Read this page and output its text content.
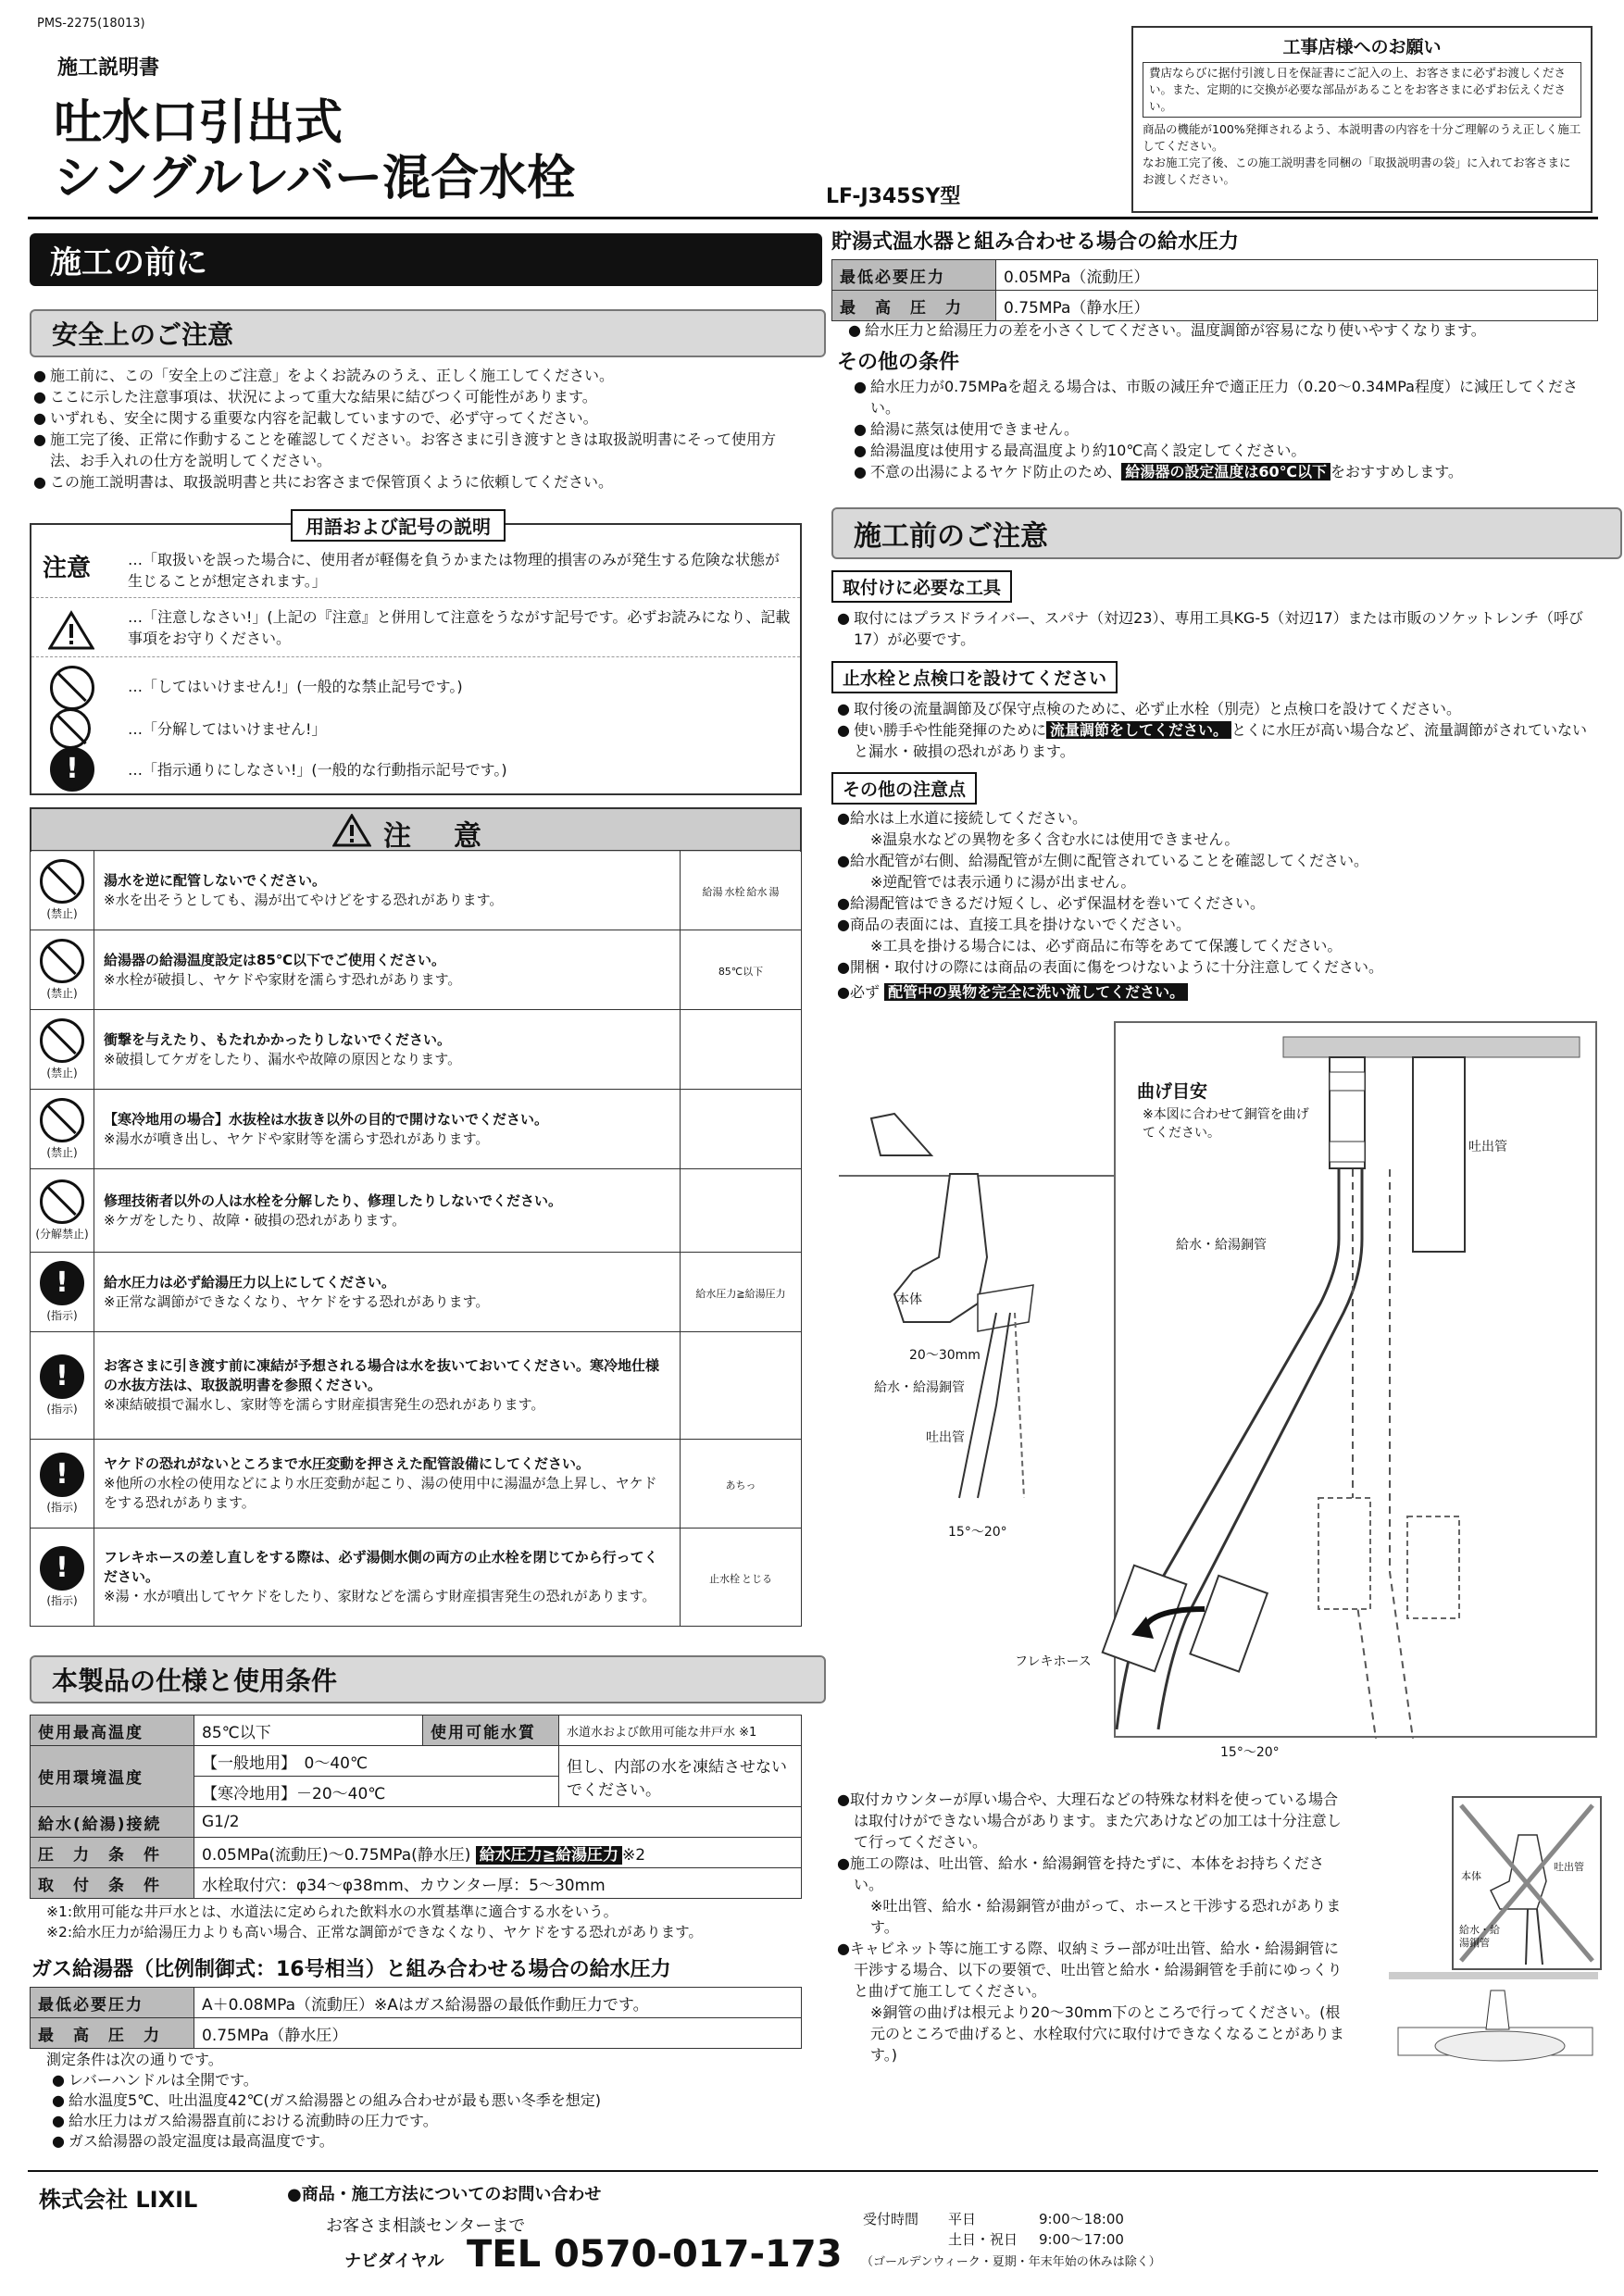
PMS-2275(18013)
施工説明書
吐水口引出式
シングルレバー混合水栓	LF-J345SY型
工事店様へのお願い
費店ならびに据付引渡し日を保証書にご記入の上、お客さまに必ずお渡しください。また、定期的に交換が必要な部品があることをお客さまに必ずお伝えください。
商品の機能が100%発揮されるよう、本説明書の内容を十分ご理解のうえ正しく施工してください。
なお施工完了後、この施工説明書を同梱の「取扱説明書の袋」に入れてお客さまにお渡しください。
施工の前に
安全上のご注意
● 施工前に、この「安全上のご注意」をよくお読みのうえ、正しく施工してください。
● ここに示した注意事項は、状況によって重大な結果に結びつく可能性があります。
● いずれも、安全に関する重要な内容を記載していますので、必ず守ってください。
● 施工完了後、正常に作動することを確認してください。お客さまに引き渡すときは取扱説明書にそって使用方法、お手入れの仕方を説明してください。
● この施工説明書は、取扱説明書と共にお客さまで保管頂くように依頼してください。
用語および記号の説明
注意 …「取扱いを誤った場合に、使用者が軽傷を負うかまたは物理的損害のみが発生する危険な状態が生じることが想定されます。」
…「注意しなさい!」(上記の『注意』と併用して注意をうながす記号です。必ずお読みになり、記載事項をお守りください。
…「してはいけません!」(一般的な禁止記号です。)
…「分解してはいけません!」
!
…「指示通りにしなさい!」(一般的な行動指示記号です。)
注　意
(禁止)	湯水を逆に配管しないでください。
※水を出そうとしても、湯が出てやけどをする恐れがあります。	給湯 水栓 給水 湯

(禁止)	給湯器の給湯温度設定は85℃以下でご使用ください。
※水栓が破損し、ヤケドや家財を濡らす恐れがあります。	85℃以下

(禁止)	衝撃を与えたり、もたれかかったりしないでください。
※破損してケガをしたり、漏水や故障の原因となります。	

(禁止)	【寒冷地用の場合】水抜栓は水抜き以外の目的で開けないでください。
※湯水が噴き出し、ヤケドや家財等を濡らす恐れがあります。	

(分解禁止)	修理技術者以外の人は水栓を分解したり、修理したりしないでください。
※ケガをしたり、故障・破損の恐れがあります。	

!
(指示)	給水圧力は必ず給湯圧力以上にしてください。
※正常な調節ができなくなり、ヤケドをする恐れがあります。	給水圧力≧給湯圧力

!
(指示)	お客さまに引き渡す前に凍結が予想される場合は水を抜いておいてください。寒冷地仕様の水抜方法は、取扱説明書を参照ください。
※凍結破損で漏水し、家財等を濡らす財産損害発生の恐れがあります。	

!
(指示)	ヤケドの恐れがないところまで水圧変動を押さえた配管設備にしてください。
※他所の水栓の使用などにより水圧変動が起こり、湯の使用中に湯温が急上昇し、ヤケドをする恐れがあります。	あちっ

!
(指示)	フレキホースの差し直しをする際は、必ず湯側水側の両方の止水栓を閉じてから行ってください。
※湯・水が噴出してヤケドをしたり、家財などを濡らす財産損害発生の恐れがあります。	止水栓 とじる
本製品の仕様と使用条件
使用最高温度	85℃以下	使用可能水質	水道水および飲用可能な井戸水 ※1
使用環境温度	【一般地用】　0～40℃		但し、内部の水を凍結させないでください。
	【寒冷地用】－20～40℃		
給水(給湯)接続	G1/2		
圧　力　条　件	0.05MPa(流動圧)～0.75MPa(静水圧) 給水圧力≧給湯圧力 ※2		
取　付　条　件	水栓取付穴：φ34～φ38mm、カウンター厚：5～30mm		
※1:飲用可能な井戸水とは、水道法に定められた飲料水の水質基準に適合する水をいう。
※2:給水圧力が給湯圧力よりも高い場合、正常な調節ができなくなり、ヤケドをする恐れがあります。
ガス給湯器（比例制御式：16号相当）と組み合わせる場合の給水圧力
最低必要圧力	A＋0.08MPa（流動圧）※Aはガス給湯器の最低作動圧力です。
最　高　圧　力	0.75MPa（静水圧）
測定条件は次の通りです。
● レバーハンドルは全開です。
● 給水温度5℃、吐出温度42℃(ガス給湯器との組み合わせが最も悪い冬季を想定)
● 給水圧力はガス給湯器直前における流動時の圧力です。
● ガス給湯器の設定温度は最高温度です。
貯湯式温水器と組み合わせる場合の給水圧力
最低必要圧力	0.05MPa（流動圧）
最　高　圧　力	0.75MPa（静水圧）
● 給水圧力と給湯圧力の差を小さくしてください。温度調節が容易になり使いやすくなります。
その他の条件
● 給水圧力が0.75MPaを超える場合は、市販の減圧弁で適正圧力（0.20～0.34MPa程度）に減圧してください。
● 給湯に蒸気は使用できません。
● 給湯温度は使用する最高温度より約10℃高く設定してください。
● 不意の出湯によるヤケド防止のため、 給湯器の設定温度は60℃以下 をおすすめします。
施工前のご注意
取付けに必要な工具
● 取付にはプラスドライバー、スパナ（対辺23）、専用工具KG-5（対辺17）または市販のソケットレンチ（呼び17）が必要です。
止水栓と点検口を設けてください
● 取付後の流量調節及び保守点検のために、必ず止水栓（別売）と点検口を設けてください。
● 使い勝手や性能発揮のために 流量調節をしてください。 とくに水圧が高い場合など、流量調節がされていないと漏水・破損の恐れがあります。
その他の注意点
●給水は上水道に接続してください。
※温泉水などの異物を多く含む水には使用できません。
●給水配管が右側、給湯配管が左側に配管されていることを確認してください。
※逆配管では表示通りに湯が出ません。
●給湯配管はできるだけ短くし、必ず保温材を巻いてください。
●商品の表面には、直接工具を掛けないでください。
※工具を掛ける場合には、必ず商品に布等をあてて保護してください。
●開梱・取付けの際には商品の表面に傷をつけないように十分注意してください。
●必ず 配管中の異物を完全に洗い流してください。
曲げ目安
※本図に合わせて銅管を曲げてください。
吐出管
給水・給湯銅管
本体
20～30mm
給水・給湯銅管
吐出管
15°～20°
フレキホース
15°～20°
●取付カウンターが厚い場合や、大理石などの特殊な材料を使っている場合は取付けができない場合があります。また穴あけなどの加工は十分注意して行ってください。
●施工の際は、吐出管、給水・給湯銅管を持たずに、本体をお持ちください。
※吐出管、給水・給湯銅管が曲がって、ホースと干渉する恐れがあります。
●キャビネット等に施工する際、収納ミラー部が吐出管、給水・給湯銅管に干渉する場合、以下の要領で、吐出管と給水・給湯銅管を手前にゆっくりと曲げて施工してください。
※銅管の曲げは根元より20～30mm下のところで行ってください。(根元のところで曲げると、水栓取付穴に取付けできなくなることがあります。)
本体
吐出管
給水・給湯銅管
株式会社 LIXIL	●商品・施工方法についてのお問い合わせ
お客さま相談センターまで
ナビダイヤル TEL 0570-017-173
受付時間 平日	9:00～18:00
土日・祝日 9:00～17:00
（ゴールデンウィーク・夏期・年末年始の休みは除く）
